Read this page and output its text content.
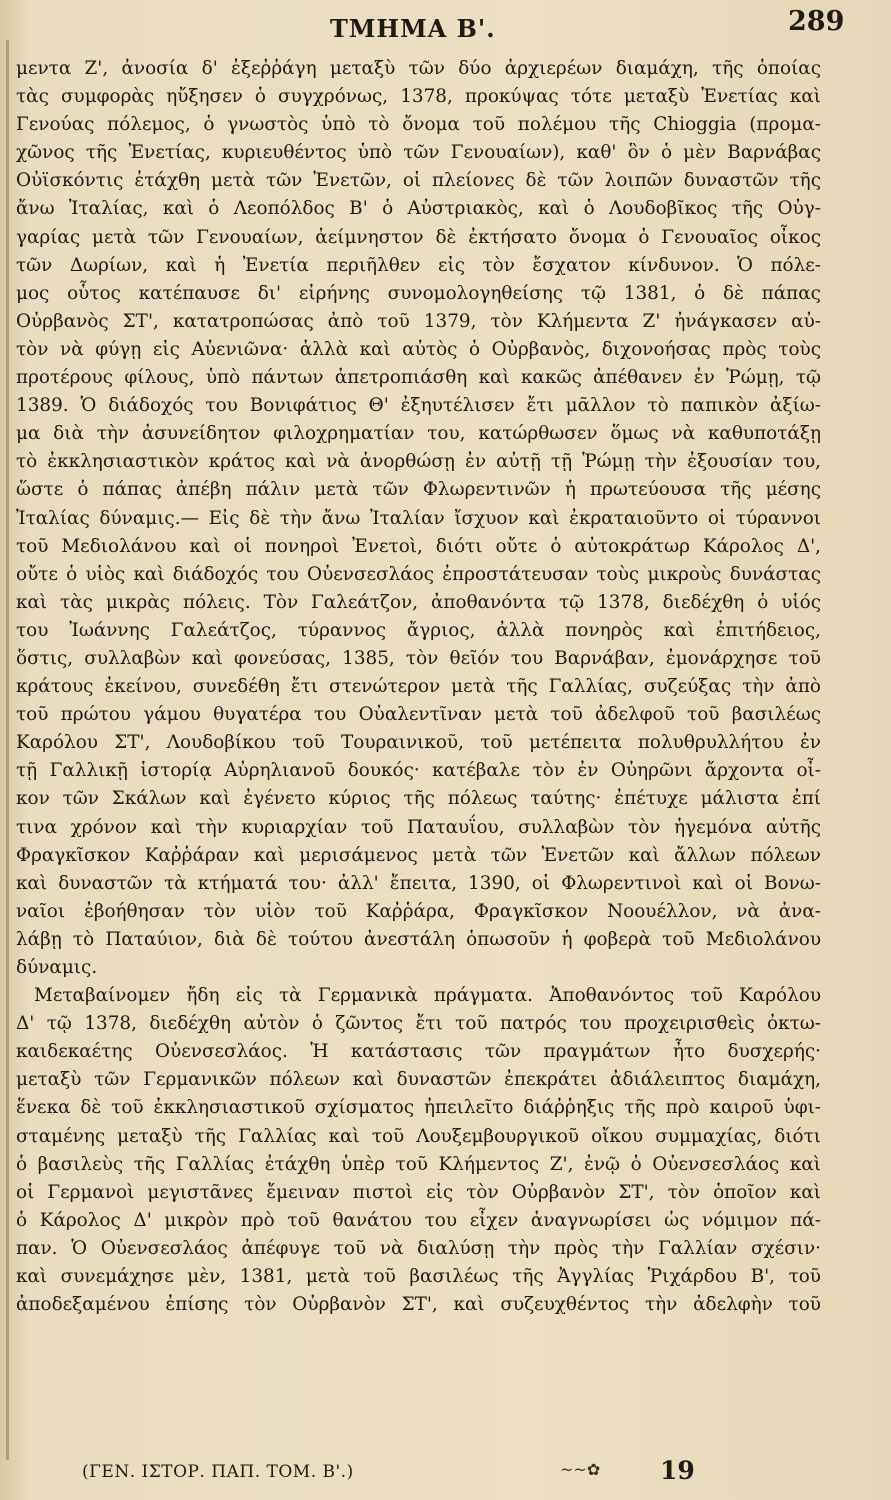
ΤΜΗΜΑ Β'.	289
μεντα Ζ', ἀνοσία δ' ἐξεῤῥάγη μεταξὺ τῶν δύο ἀρχιερέων διαμάχη, τῆς ὁποίας
τὰς συμφορὰς ηὔξησεν ὁ συγχρόνως, 1378, προκύψας τότε μεταξὺ Ἐνετίας καὶ
Γενούας πόλεμος, ὁ γνωστὸς ὑπὸ τὸ ὄνομα τοῦ πολέμου τῆς Chioggia (προμα-
χῶνος τῆς Ἐνετίας, κυριευθέντος ὑπὸ τῶν Γενουαίων), καθ' ὃν ὁ μὲν Βαρνάβας
Οὐϊσκόντις ἐτάχθη μετὰ τῶν Ἐνετῶν, οἱ πλείονες δὲ τῶν λοιπῶν δυναστῶν τῆς
ἄνω Ἰταλίας, καὶ ὁ Λεοπόλδος Β' ὁ Αὐστριακὸς, καὶ ὁ Λουδοβῖκος τῆς Οὐγ-
γαρίας μετὰ τῶν Γενουαίων, ἀείμνηστον δὲ ἐκτήσατο ὄνομα ὁ Γενουαῖος οἶκος
τῶν Δωρίων, καὶ ἡ Ἐνετία περιῆλθεν εἰς τὸν ἔσχατον κίνδυνον. Ὁ πόλε-
μος οὗτος κατέπαυσε δι' εἰρήνης συνομολογηθείσης τῷ 1381, ὁ δὲ πάπας
Οὐρβανὸς ΣΤ', κατατροπώσας ἀπὸ τοῦ 1379, τὸν Κλήμεντα Ζ' ἠνάγκασεν αὐ-
τὸν νὰ φύγῃ εἰς Αὐενιῶνα· ἀλλὰ καὶ αὐτὸς ὁ Οὐρβανὸς, διχονοήσας πρὸς τοὺς
προτέρους φίλους, ὑπὸ πάντων ἀπετροπιάσθη καὶ κακῶς ἀπέθανεν ἐν Ῥώμῃ, τῷ
1389. Ὁ διάδοχός του Βονιφάτιος Θ' ἐξηυτέλισεν ἔτι μᾶλλον τὸ παπικὸν ἀξίω-
μα διὰ τὴν ἀσυνείδητον φιλοχρηματίαν του, κατώρθωσεν ὅμως νὰ καθυποτάξῃ
τὸ ἐκκλησιαστικὸν κράτος καὶ νὰ ἀνορθώσῃ ἐν αὐτῇ τῇ Ῥώμῃ τὴν ἐξουσίαν του,
ὥστε ὁ πάπας ἀπέβη πάλιν μετὰ τῶν Φλωρεντινῶν ἡ πρωτεύουσα τῆς μέσης
Ἰταλίας δύναμις.— Εἰς δὲ τὴν ἄνω Ἰταλίαν ἴσχυον καὶ ἐκραταιοῦντο οἱ τύραννοι
τοῦ Μεδιολάνου καὶ οἱ πονηροὶ Ἐνετοὶ, διότι οὔτε ὁ αὐτοκράτωρ Κάρολος Δ',
οὔτε ὁ υἱὸς καὶ διάδοχός του Οὐενσεσλάος ἐπροστάτευσαν τοὺς μικροὺς δυνάστας
καὶ τὰς μικρὰς πόλεις. Τὸν Γαλεάτζον, ἀποθανόντα τῷ 1378, διεδέχθη ὁ υἱός
του Ἰωάννης Γαλεάτζος, τύραννος ἄγριος, ἀλλὰ πονηρὸς καὶ ἐπιτήδειος,
ὅστις, συλλαβὼν καὶ φονεύσας, 1385, τὸν θεῖόν του Βαρνάβαν, ἐμονάρχησε τοῦ
κράτους ἐκείνου, συνεδέθη ἔτι στενώτερον μετὰ τῆς Γαλλίας, συζεύξας τὴν ἀπὸ
τοῦ πρώτου γάμου θυγατέρα του Οὐαλεντῖναν μετὰ τοῦ ἀδελφοῦ τοῦ βασιλέως
Καρόλου ΣΤ', Λουδοβίκου τοῦ Τουραινικοῦ, τοῦ μετέπειτα πολυθρυλλήτου ἐν
τῇ Γαλλικῇ ἱστορίᾳ Αὐρηλιανοῦ δουκός· κατέβαλε τὸν ἐν Οὐηρῶνι ἄρχοντα οἶ-
κον τῶν Σκάλων καὶ ἐγένετο κύριος τῆς πόλεως ταύτης· ἐπέτυχε μάλιστα ἐπί
τινα χρόνον καὶ τὴν κυριαρχίαν τοῦ Παταυΐου, συλλαβὼν τὸν ἡγεμόνα αὐτῆς
Φραγκῖσκον Καῤῥάραν καὶ μερισάμενος μετὰ τῶν Ἐνετῶν καὶ ἄλλων πόλεων
καὶ δυναστῶν τὰ κτήματά του· ἀλλ' ἔπειτα, 1390, οἱ Φλωρεντινοὶ καὶ οἱ Βονω-
ναῖοι ἐβοήθησαν τὸν υἱὸν τοῦ Καῤῥάρα, Φραγκῖσκον Νοουέλλον, νὰ ἀνα-
λάβῃ τὸ Παταύιον, διὰ δὲ τούτου ἀνεστάλη ὁπωσοῦν ἡ φοβερὰ τοῦ Μεδιολάνου
δύναμις.
Μεταβαίνομεν ἤδη εἰς τὰ Γερμανικὰ πράγματα. Ἀποθανόντος τοῦ Καρόλου
Δ' τῷ 1378, διεδέχθη αὐτὸν ὁ ζῶντος ἔτι τοῦ πατρός του προχειρισθεὶς ὀκτω-
καιδεκαέτης Οὐενσεσλάος. Ἡ κατάστασις τῶν πραγμάτων ἦτο δυσχερής·
μεταξὺ τῶν Γερμανικῶν πόλεων καὶ δυναστῶν ἐπεκράτει ἀδιάλειπτος διαμάχη,
ἕνεκα δὲ τοῦ ἐκκλησιαστικοῦ σχίσματος ἠπειλεῖτο διάῤῥηξις τῆς πρὸ καιροῦ ὑφι-
σταμένης μεταξὺ τῆς Γαλλίας καὶ τοῦ Λουξεμβουργικοῦ οἴκου συμμαχίας, διότι
ὁ βασιλεὺς τῆς Γαλλίας ἐτάχθη ὑπὲρ τοῦ Κλήμεντος Ζ', ἐνῷ ὁ Οὐενσεσλάος καὶ
οἱ Γερμανοὶ μεγιστᾶνες ἔμειναν πιστοὶ εἰς τὸν Οὐρβανὸν ΣΤ', τὸν ὁποῖον καὶ
ὁ Κάρολος Δ' μικρὸν πρὸ τοῦ θανάτου του εἶχεν ἀναγνωρίσει ὡς νόμιμον πά-
παν. Ὁ Οὐενσεσλάος ἀπέφυγε τοῦ νὰ διαλύσῃ τὴν πρὸς τὴν Γαλλίαν σχέσιν·
καὶ συνεμάχησε μὲν, 1381, μετὰ τοῦ βασιλέως τῆς Ἀγγλίας Ῥιχάρδου Β', τοῦ
ἀποδεξαμένου ἐπίσης τὸν Οὐρβανὸν ΣΤ', καὶ συζευχθέντος τὴν ἀδελφὴν τοῦ
(ΓΕΝ. ΙΣΤΟΡ. ΠΑΠ. ΤΟΜ. Β'.)	~~✿ 19
